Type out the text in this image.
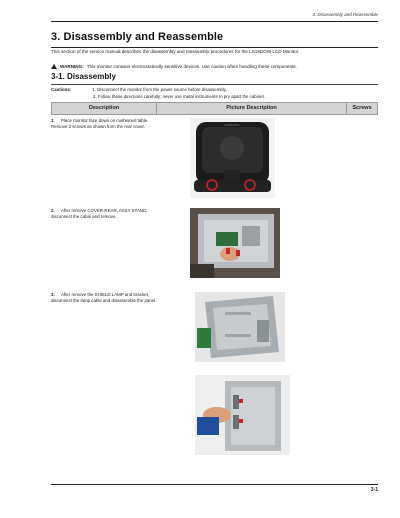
3. Disassembly and Reassemble
3. Disassembly and Reassemble
This section of the service manual describes the disassembly and reassembly procedures for the LS19DOW LCD Monitor.
WARNING: This monitor contains electrostatically sensitive devices. Use caution when handling these components.
3-1. Disassembly
Cautions:	1. Disconnect the monitor from the power source before disassembly.
2. Follow these directions carefully; never use metal instruments to pry apart the cabinet.
Description	Picture Description	Screws
1. Place monitor face down on cushioned table. Remove 2 screws as shown from the rear cover.	SAMSUNG
2. After remove COVER-REAR, ASSY STAND, disconnect the cable and remove.
3. After remove the SHIELD LAMP and bracket, disconnect the lamp cable and disassemble the panel.
3-1
